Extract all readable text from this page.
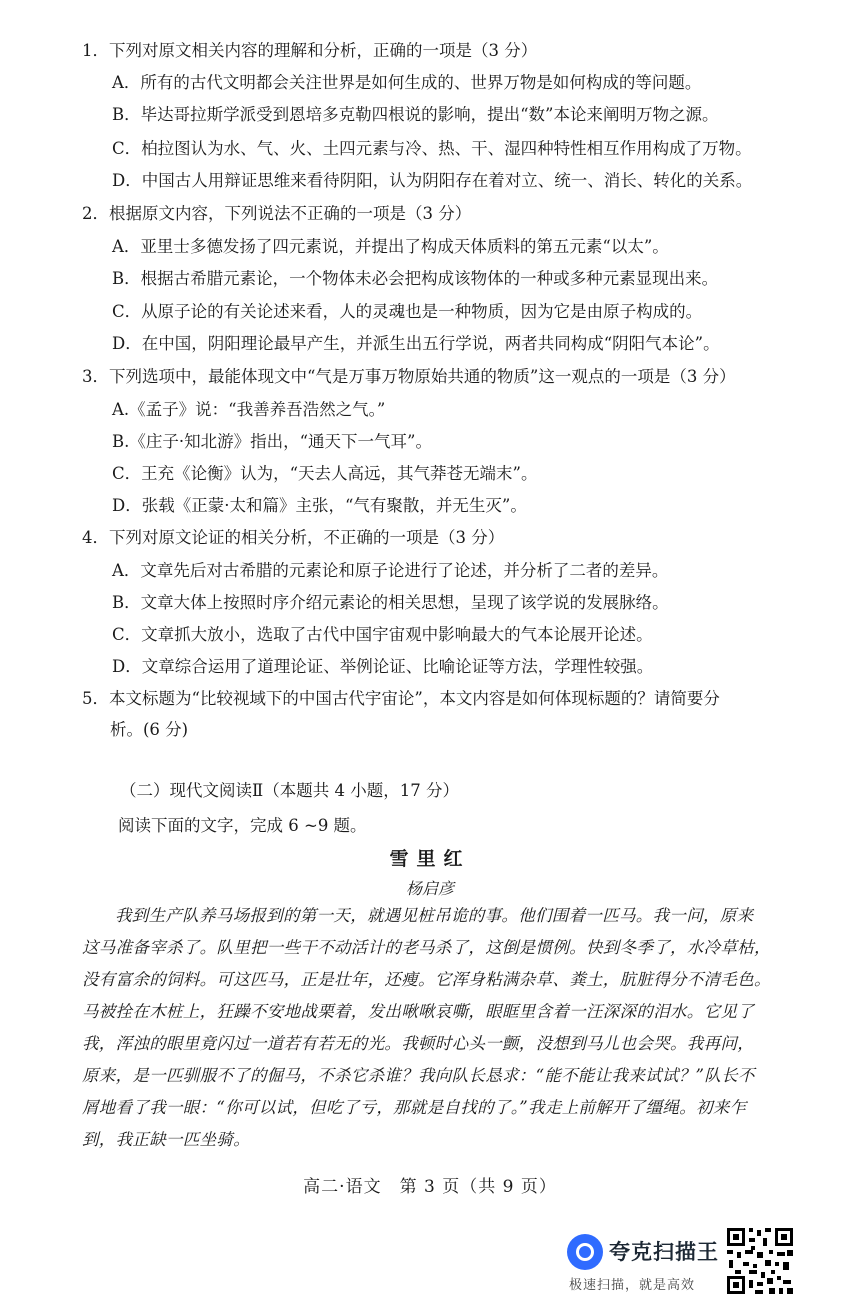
1．下列对原文相关内容的理解和分析，正确的一项是（3 分）
A．所有的古代文明都会关注世界是如何生成的、世界万物是如何构成的等问题。
B．毕达哥拉斯学派受到恩培多克勒四根说的影响，提出“数”本论来阐明万物之源。
C．柏拉图认为水、气、火、土四元素与冷、热、干、湿四种特性相互作用构成了万物。
D．中国古人用辩证思维来看待阴阳，认为阴阳存在着对立、统一、消长、转化的关系。
2．根据原文内容，下列说法不正确的一项是（3 分）
A．亚里士多德发扬了四元素说，并提出了构成天体质料的第五元素“以太”。
B．根据古希腊元素论，一个物体未必会把构成该物体的一种或多种元素显现出来。
C．从原子论的有关论述来看，人的灵魂也是一种物质，因为它是由原子构成的。
D．在中国，阴阳理论最早产生，并派生出五行学说，两者共同构成“阴阳气本论”。
3．下列选项中，最能体现文中“气是万事万物原始共通的物质”这一观点的一项是（3 分）
A.《孟子》说：“我善养吾浩然之气。”
B.《庄子·知北游》指出，“通天下一气耳”。
C．王充《论衡》认为，“天去人高远，其气莽苍无端末”。
D．张载《正蒙·太和篇》主张，“气有聚散，并无生灭”。
4．下列对原文论证的相关分析，不正确的一项是（3 分）
A．文章先后对古希腊的元素论和原子论进行了论述，并分析了二者的差异。
B．文章大体上按照时序介绍元素论的相关思想，呈现了该学说的发展脉络。
C．文章抓大放小，选取了古代中国宇宙观中影响最大的气本论展开论述。
D．文章综合运用了道理论证、举例论证、比喻论证等方法，学理性较强。
5．本文标题为“比较视域下的中国古代宇宙论”，本文内容是如何体现标题的？请简要分
析。(6 分)
（二）现代文阅读Ⅱ（本题共 4 小题，17 分）
阅读下面的文字，完成 6 ~9 题。
雪里红
杨启彦

我到生产队养马场报到的第一天，就遇见桩吊诡的事。他们围着一匹马。我一问，原来

这马准备宰杀了。队里把一些干不动活计的老马杀了，这倒是惯例。快到冬季了，水冷草枯，

没有富余的饲料。可这匹马，正是壮年，还瘦。它浑身粘满杂草、粪土，肮脏得分不清毛色。

马被拴在木桩上，狂躁不安地战栗着，发出啾啾哀嘶，眼眶里含着一汪深深的泪水。它见了

我，浑浊的眼里竟闪过一道若有若无的光。我顿时心头一颤，没想到马儿也会哭。我再问，

原来，是一匹驯服不了的倔马，不杀它杀谁？我向队长恳求：“能不能让我来试试？”队长不

屑地看了我一眼：“你可以试，但吃了亏，那就是自找的了。”我走上前解开了缰绳。初来乍

到，我正缺一匹坐骑。

高二·语文　第 3 页（共 9 页）
夸克扫描王
极速扫描，就是高效
